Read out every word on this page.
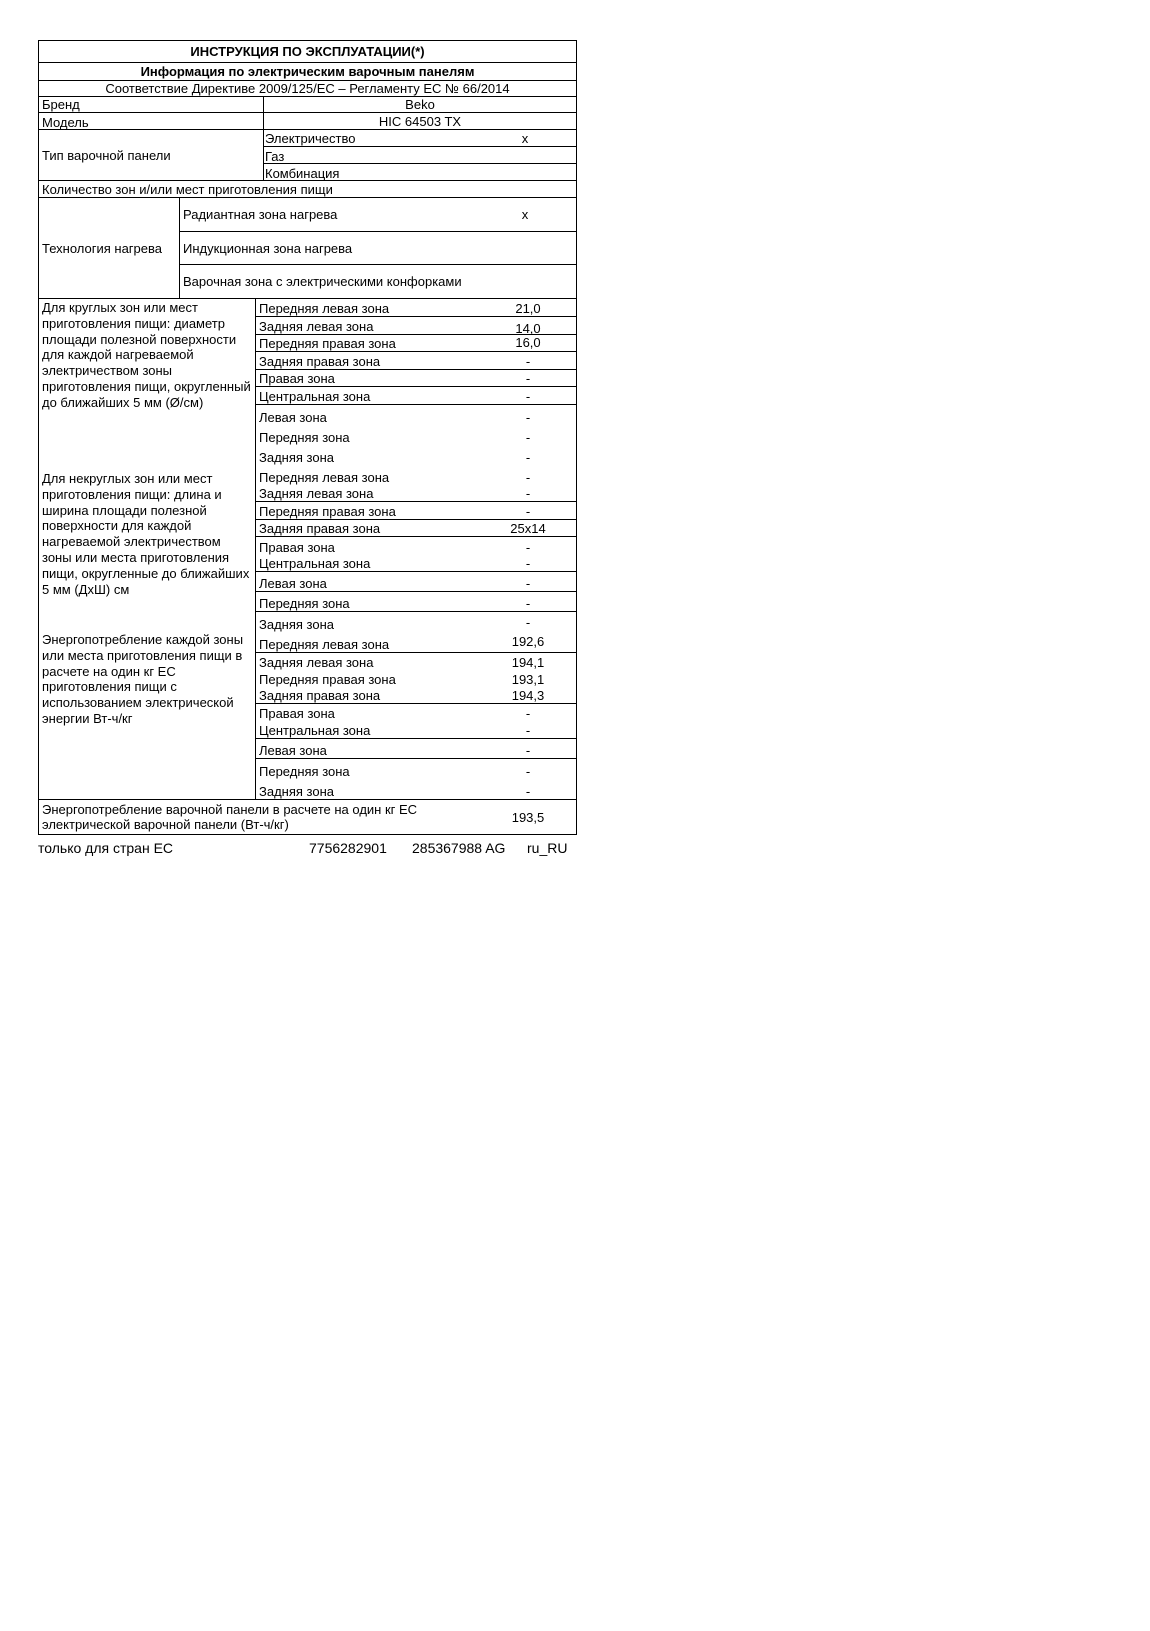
ИНСТРУКЦИЯ ПО ЭКСПЛУАТАЦИИ(*)
Информация по электрическим варочным панелям
Соответствие Директиве 2009/125/ЕС – Регламенту ЕС № 66/2014
Бренд	Beko
Модель	HIC 64503 TX
Тип варочной панели
Электричество	x
Газ
Комбинация
Количество зон и/или мест приготовления пищи
Технология нагрева
Радиантная зона нагрева	x
Индукционная зона нагрева
Варочная зона с электрическими конфорками
Для круглых зон или мест приготовления пищи: диаметр площади полезной поверхности для каждой нагреваемой электричеством зоны приготовления пищи, округленный до ближайших 5 мм (Ø/см)
Для некруглых зон или мест приготовления пищи: длина и ширина площади полезной поверхности для каждой нагреваемой электричеством зоны или места приготовления пищи, округленные до ближайших 5 мм (ДхШ) см
Энергопотребление каждой зоны или места приготовления пищи в расчете на один кг ЕС приготовления пищи с использованием электрической энергии Вт-ч/кг
Передняя левая зона	21,0
Задняя левая зона	14,0
Передняя правая зона	16,0
Задняя правая зона	-
Правая зона	-
Центральная зона	-
Левая зона	-
Передняя зона	-
Задняя зона	-
Передняя левая зона	-
Задняя левая зона	-
Передняя правая зона	-
Задняя правая зона	25x14
Правая зона	-
Центральная зона	-
Левая зона	-
Передняя зона	-
Задняя зона	-
Передняя левая зона	192,6
Задняя левая зона	194,1
Передняя правая зона	193,1
Задняя правая зона	194,3
Правая зона	-
Центральная зона	-
Левая зона	-
Передняя зона	-
Задняя зона	-
Энергопотребление варочной панели в расчете на один кг ЕС электрической варочной панели (Вт-ч/кг)	193,5
только для стран ЕС	7756282901 285367988 AG ru_RU
